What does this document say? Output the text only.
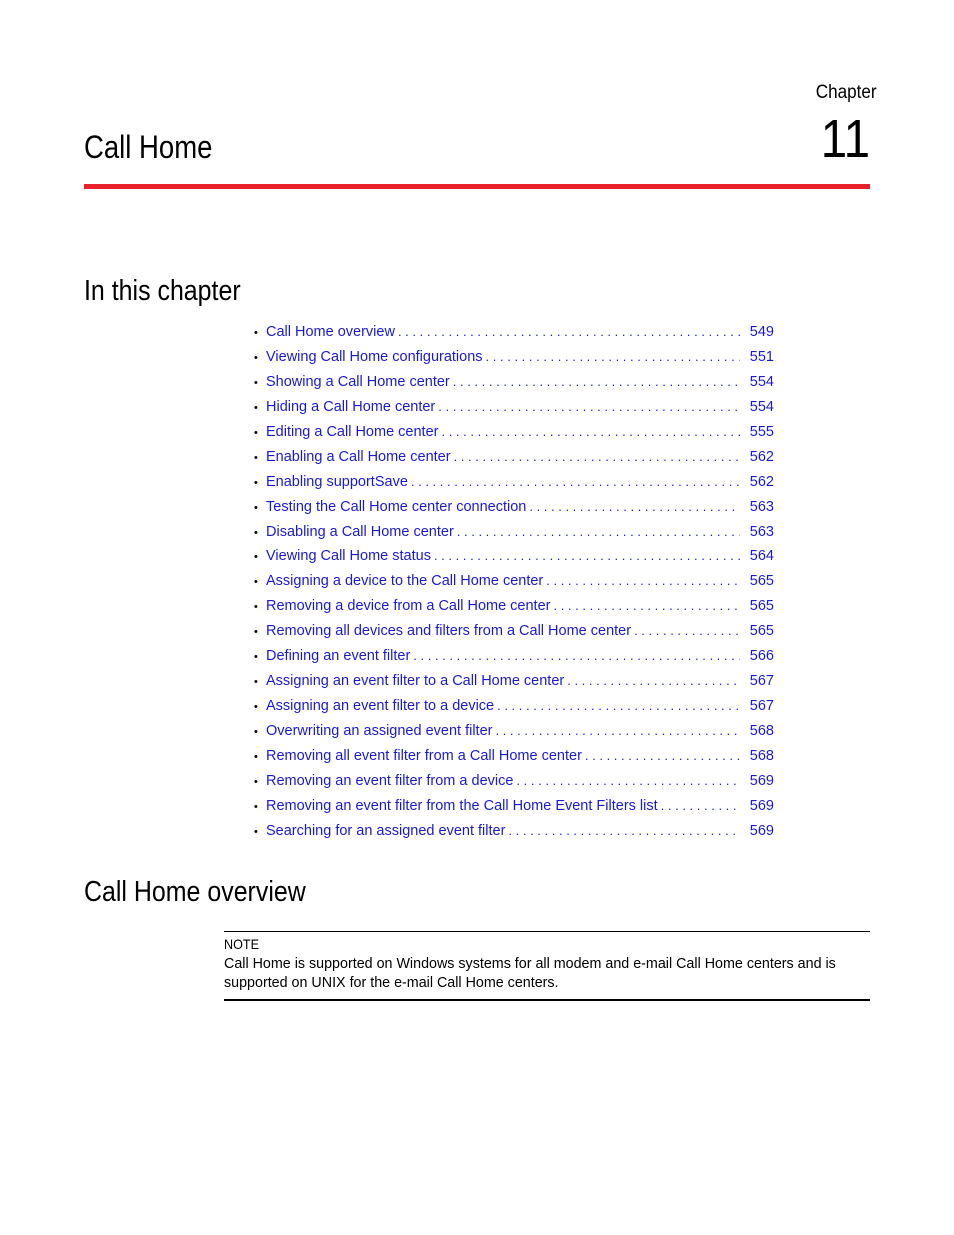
Chapter
11
Call Home
In this chapter
• Call Home overview . . .	549
• Viewing Call Home configurations . . .	551
• Showing a Call Home center . . .	554
• Hiding a Call Home center . . .	554
• Editing a Call Home center . . .	555
• Enabling a Call Home center . . .	562
• Enabling supportSave . . .	562
• Testing the Call Home center connection . . .	563
• Disabling a Call Home center . . .	563
• Viewing Call Home status . . .	564
• Assigning a device to the Call Home center . . .	565
• Removing a device from a Call Home center . . .	565
• Removing all devices and filters from a Call Home center . . .	565
• Defining an event filter . . .	566
• Assigning an event filter to a Call Home center . . .	567
• Assigning an event filter to a device . . .	567
• Overwriting an assigned event filter . . .	568
• Removing all event filter from a Call Home center . . .	568
• Removing an event filter from a device . . .	569
• Removing an event filter from the Call Home Event Filters list . . .	569
• Searching for an assigned event filter . . .	569
Call Home overview
NOTE
Call Home is supported on Windows systems for all modem and e-mail Call Home centers and is supported on UNIX for the e-mail Call Home centers.
